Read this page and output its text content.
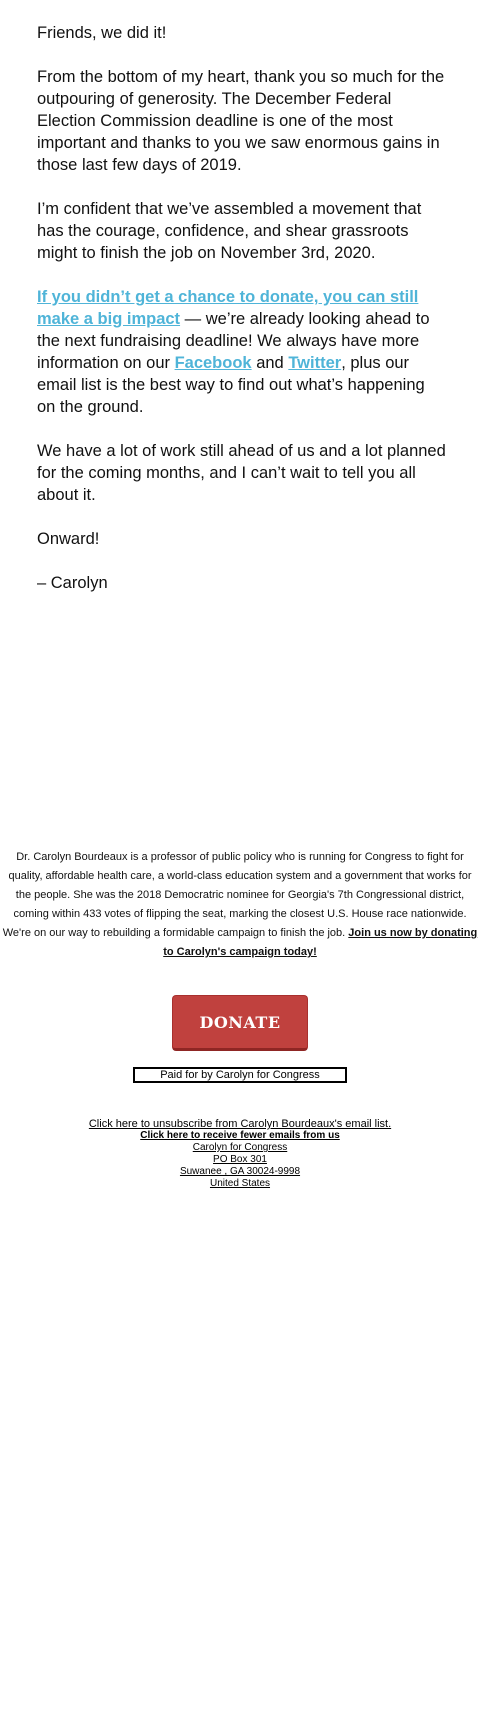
Friends, we did it!

From the bottom of my heart, thank you so much for the outpouring of generosity. The December Federal Election Commission deadline is one of the most important and thanks to you we saw enormous gains in those last few days of 2019.

I’m confident that we’ve assembled a movement that has the courage, confidence, and shear grassroots might to finish the job on November 3rd, 2020.

If you didn’t get a chance to donate, you can still make a big impact — we’re already looking ahead to the next fundraising deadline! We always have more information on our Facebook and Twitter, plus our email list is the best way to find out what’s happening on the ground.

We have a lot of work still ahead of us and a lot planned for the coming months, and I can’t wait to tell you all about it.

Onward!

– Carolyn

Dr. Carolyn Bourdeaux is a professor of public policy who is running for Congress to fight for quality, affordable health care, a world-class education system and a government that works for the people. She was the 2018 Democratric nominee for Georgia's 7th Congressional district, coming within 433 votes of flipping the seat, marking the closest U.S. House race nationwide. We're on our way to rebuilding a formidable campaign to finish the job. Join us now by donating to Carolyn's campaign today!
DONATE
Paid for by Carolyn for Congress
Click here to unsubscribe from Carolyn Bourdeaux's email list.
Click here to receive fewer emails from us
Carolyn for Congress
PO Box 301
Suwanee , GA 30024-9998
United States
